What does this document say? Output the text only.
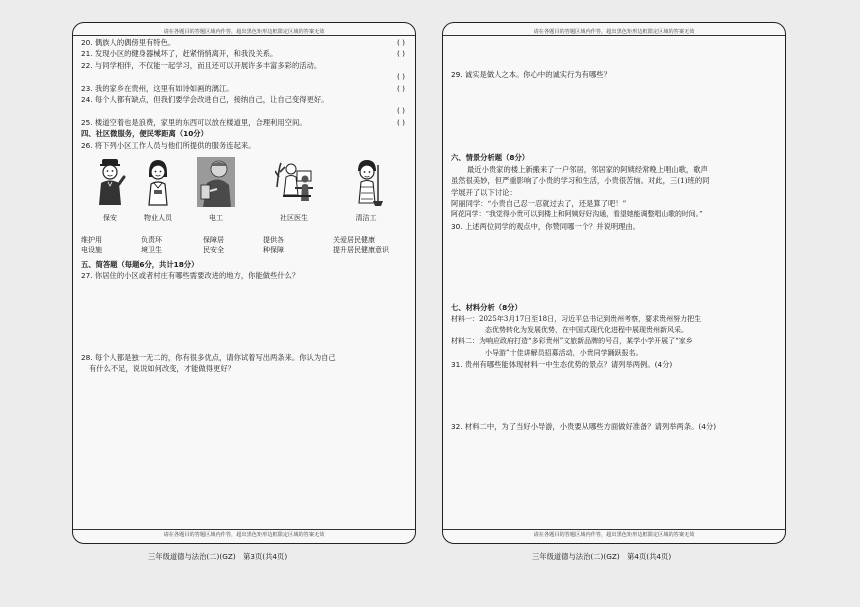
请在各题目的答题区域内作答，超出黑色矩形边框限定区域的答案无效
20. 偶族人的偶傍里有特色。	( )
21. 发现小区的健身器械坏了，赶紧悄悄离开，和我没关系。	( )
22. 与同学相伴，不仅能一起学习，而且还可以开展许多丰富多彩的活动。

( )
23. 我的家乡在贵州，这里有如诗如画的漓江。	( )
24. 每个人都有缺点，但我们要学会改进自己，接纳自己，让自己变得更好。

( )
25. 楼道空着也是浪费，家里的东西可以放在楼道里，合理利用空间。	( )
四、社区微服务，便民零距离（10分）
26. 将下列小区工作人员与他们所提供的服务连起来。
保安	物业人员	电工	社区医生	清洁工
维护用	负责环	保障居	提供各	关爱居民健康
电设施	境卫生	民安全	种保障	提升居民健康意识
五、简答题（每题6分，共计18分）
27. 你居住的小区或者村庄有哪些需要改进的地方，你能做些什么？
28. 每个人都是独一无二的，你有很多优点，请你试着写出两条来。你认为自己
有什么不足，说说如何改变，才能做得更好？
请在各题目的答题区域内作答，超出黑色矩形边框限定区域的答案无效
三年级道德与法治(二)(GZ)　第3页(共4页)
请在各题目的答题区域内作答，超出黑色矩形边框限定区域的答案无效
29. 诚实是做人之本。你心中的诚实行为有哪些？
六、情景分析题（8分）
最近小贵家的楼上新搬来了一户邻居，邻居家的阿姨经常晚上唱山歌，歌声
虽然很美妙，但严重影响了小贵的学习和生活，小贵很苦恼。对此，三(1)班的同
学展开了以下讨论：
阿丽同学：“小贵自己忍一忍就过去了，还是算了吧！”
阿花同学：“我觉得小贵可以到楼上和阿姨好好沟通，看望她能调整唱山歌的时间。”
30. 上述两位同学的观点中，你赞同哪一个？并说明理由。
七、材料分析（8分）
材料一：2025年3月17日至18日，习近平总书记到贵州考察，要求贵州努力把生
态优势转化为发展优势，在中国式现代化进程中展现贵州新风采。
材料二：为响应政府打造“多彩贵州”文旅新品牌的号召，某学小学开展了“家乡
小导游”十佳讲解员招募活动，小贵同学踊跃报名。
31. 贵州有哪些能体现材料一中生态优势的景点？请列举两例。(4分)
32. 材料二中，为了当好小导游，小贵要从哪些方面做好准备？请列举两条。(4分)
请在各题目的答题区域内作答，超出黑色矩形边框限定区域的答案无效
三年级道德与法治(二)(GZ)　第4页(共4页)
